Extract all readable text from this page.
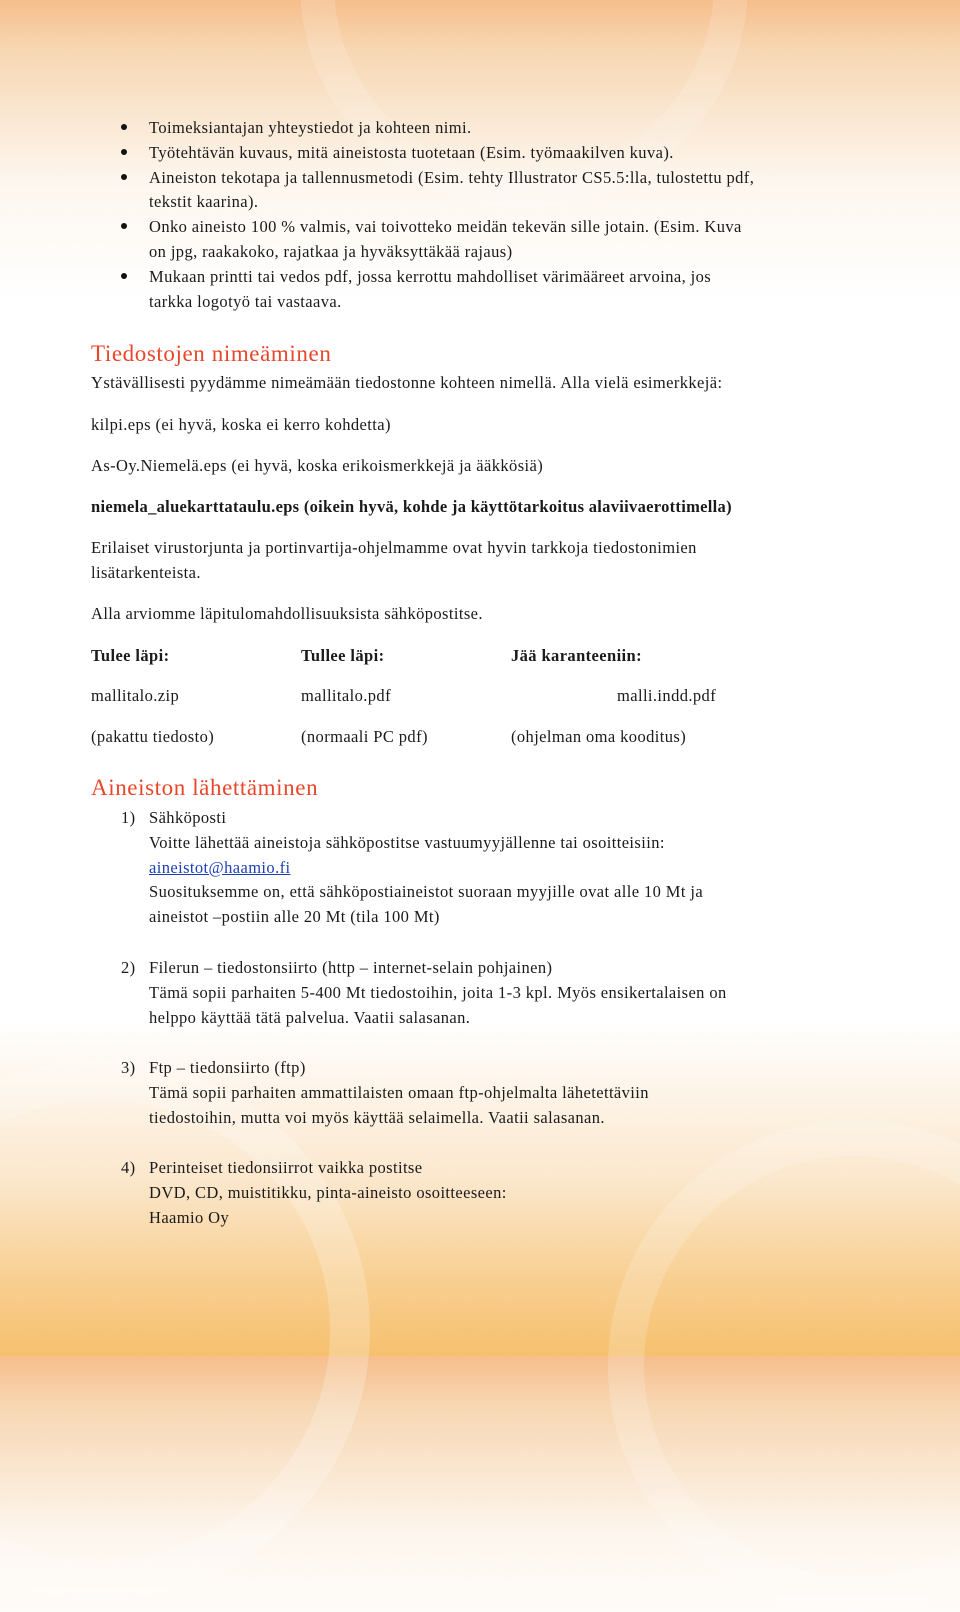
Toimeksiantajan yhteystiedot ja kohteen nimi.
Työtehtävän kuvaus, mitä aineistosta tuotetaan (Esim. työmaakilven kuva).
Aineiston tekotapa ja tallennusmetodi (Esim. tehty Illustrator CS5.5:lla, tulostettu pdf,
tekstit kaarina).
Onko aineisto 100 % valmis, vai toivotteko meidän tekevän sille jotain. (Esim. Kuva
on jpg, raakakoko, rajatkaa ja hyväksyttäkää rajaus)
Mukaan printti tai vedos pdf, jossa kerrottu mahdolliset värimääreet arvoina, jos
tarkka logotyö tai vastaava.
Tiedostojen nimeäminen
Ystävällisesti pyydämme nimeämään tiedostonne kohteen nimellä. Alla vielä esimerkkejä:
kilpi.eps (ei hyvä, koska ei kerro kohdetta)
As-Oy.Niemelä.eps (ei hyvä, koska erikoismerkkejä ja ääkkösiä)
niemela_aluekarttataulu.eps (oikein hyvä, kohde ja käyttötarkoitus alaviivaerottimella)
Erilaiset virustorjunta ja portinvartija-ohjelmamme ovat hyvin tarkkoja tiedostonimien
lisätarkenteista.
Alla arviomme läpitulomahdollisuuksista sähköpostitse.
Tulee läpi:	Tullee läpi:	Jää karanteeniin:
mallitalo.zip	mallitalo.pdf	malli.indd.pdf
(pakattu tiedosto)	(normaali PC pdf)	(ohjelman oma kooditus)
Aineiston lähettäminen
1) Sähköposti
Voitte lähettää aineistoja sähköpostitse vastuumyyjällenne tai osoitteisiin:
aineistot@haamio.fi
Suosituksemme on, että sähköpostiaineistot suoraan myyjille ovat alle 10 Mt ja
aineistot –postiin alle 20 Mt (tila 100 Mt)
2) Filerun – tiedostonsiirto (http – internet-selain pohjainen)
Tämä sopii parhaiten 5-400 Mt tiedostoihin, joita 1-3 kpl. Myös ensikertalaisen on
helppo käyttää tätä palvelua. Vaatii salasanan.
3) Ftp – tiedonsiirto (ftp)
Tämä sopii parhaiten ammattilaisten omaan ftp-ohjelmalta lähetettäviin
tiedostoihin, mutta voi myös käyttää selaimella. Vaatii salasanan.
4) Perinteiset tiedonsiirrot vaikka postitse
DVD, CD, muistitikku, pinta-aineisto osoitteeseen:
Haamio Oy
